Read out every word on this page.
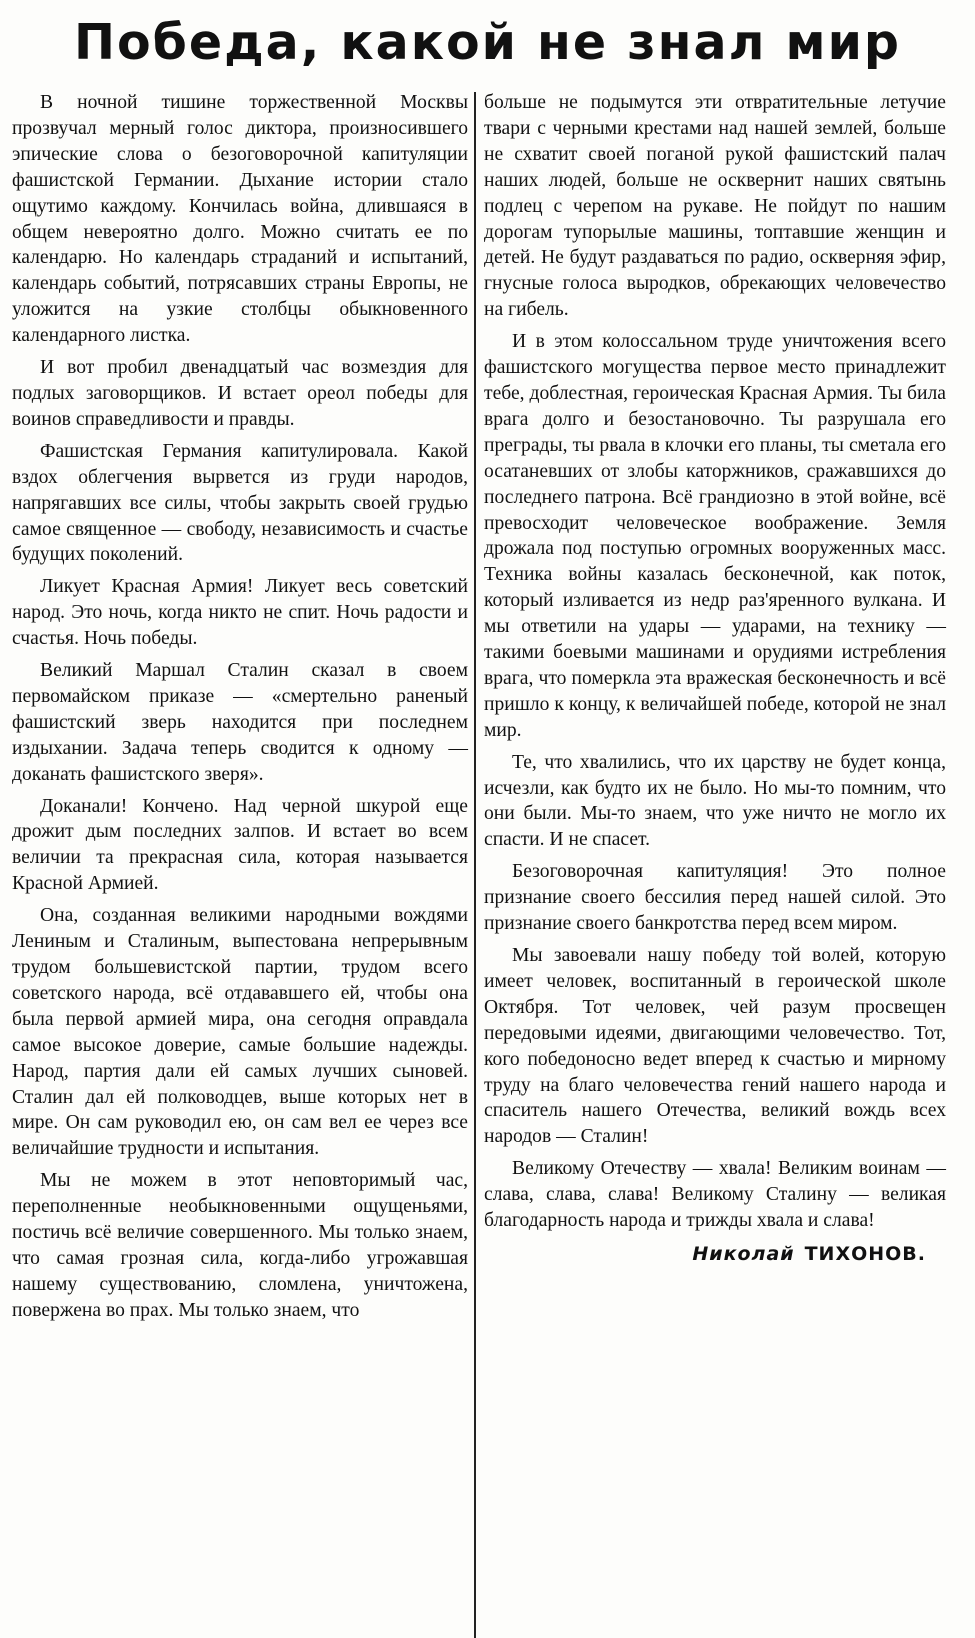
Победа, какой не знал мир

В ночной тишине торжественной Москвы прозвучал мерный голос диктора, произносившего эпические слова о безоговорочной капитуляции фашистской Германии. Дыхание истории стало ощутимо каждому. Кончилась война, длившаяся в общем невероятно долго. Можно считать ее по календарю. Но календарь страданий и испытаний, календарь событий, потрясавших страны Европы, не уложится на узкие столбцы обыкновенного календарного листка.

И вот пробил двенадцатый час возмездия для подлых заговорщиков. И встает ореол победы для воинов справедливости и правды.

Фашистская Германия капитулировала. Какой вздох облегчения вырвется из груди народов, напрягавших все силы, чтобы закрыть своей грудью самое священное — свободу, независимость и счастье будущих поколений.

Ликует Красная Армия! Ликует весь советский народ. Это ночь, когда никто не спит. Ночь радости и счастья. Ночь победы.

Великий Маршал Сталин сказал в своем первомайском приказе — «смертельно раненый фашистский зверь находится при последнем издыхании. Задача теперь сводится к одному — доканать фашистского зверя».

Доканали! Кончено. Над черной шкурой еще дрожит дым последних залпов. И встает во всем величии та прекрасная сила, которая называется Красной Армией.

Она, созданная великими народными вождями Лениным и Сталиным, выпестована непрерывным трудом большевистской партии, трудом всего советского народа, всё отдававшего ей, чтобы она была первой армией мира, она сегодня оправдала самое высокое доверие, самые большие надежды. Народ, партия дали ей самых лучших сыновей. Сталин дал ей полководцев, выше которых нет в мире. Он сам руководил ею, он сам вел ее через все величайшие трудности и испытания.

Мы не можем в этот неповторимый час, переполненные необыкновенными ощущеньями, постичь всё величие совершенного. Мы только знаем, что самая грозная сила, когда-либо угрожавшая нашему существованию, сломлена, уничтожена, повержена во прах. Мы только знаем, что

больше не подымутся эти отвратительные летучие твари с черными крестами над нашей землей, больше не схватит своей поганой рукой фашистский палач наших людей, больше не осквернит наших святынь подлец с черепом на рукаве. Не пойдут по нашим дорогам тупорылые машины, топтавшие женщин и детей. Не будут раздаваться по радио, оскверняя эфир, гнусные голоса выродков, обрекающих человечество на гибель.

И в этом колоссальном труде уничтожения всего фашистского могущества первое место принадлежит тебе, доблестная, героическая Красная Армия. Ты била врага долго и безостановочно. Ты разрушала его преграды, ты рвала в клочки его планы, ты сметала его осатаневших от злобы каторжников, сражавшихся до последнего патрона. Всё грандиозно в этой войне, всё превосходит человеческое воображение. Земля дрожала под поступью огромных вооруженных масс. Техника войны казалась бесконечной, как поток, который изливается из недр раз'яренного вулкана. И мы ответили на удары — ударами, на технику — такими боевыми машинами и орудиями истребления врага, что померкла эта вражеская бесконечность и всё пришло к концу, к величайшей победе, которой не знал мир.

Те, что хвалились, что их царству не будет конца, исчезли, как будто их не было. Но мы-то помним, что они были. Мы-то знаем, что уже ничто не могло их спасти. И не спасет.

Безоговорочная капитуляция! Это полное признание своего бессилия перед нашей силой. Это признание своего банкротства перед всем миром.

Мы завоевали нашу победу той волей, которую имеет человек, воспитанный в героической школе Октября. Тот человек, чей разум просвещен передовыми идеями, двигающими человечество. Тот, кого победоносно ведет вперед к счастью и мирному труду на благо человечества гений нашего народа и спаситель нашего Отечества, великий вождь всех народов — Сталин!

Великому Отечеству — хвала! Великим воинам — слава, слава, слава! Великому Сталину — великая благодарность народа и трижды хвала и слава!

Николай ТИХОНОВ.
